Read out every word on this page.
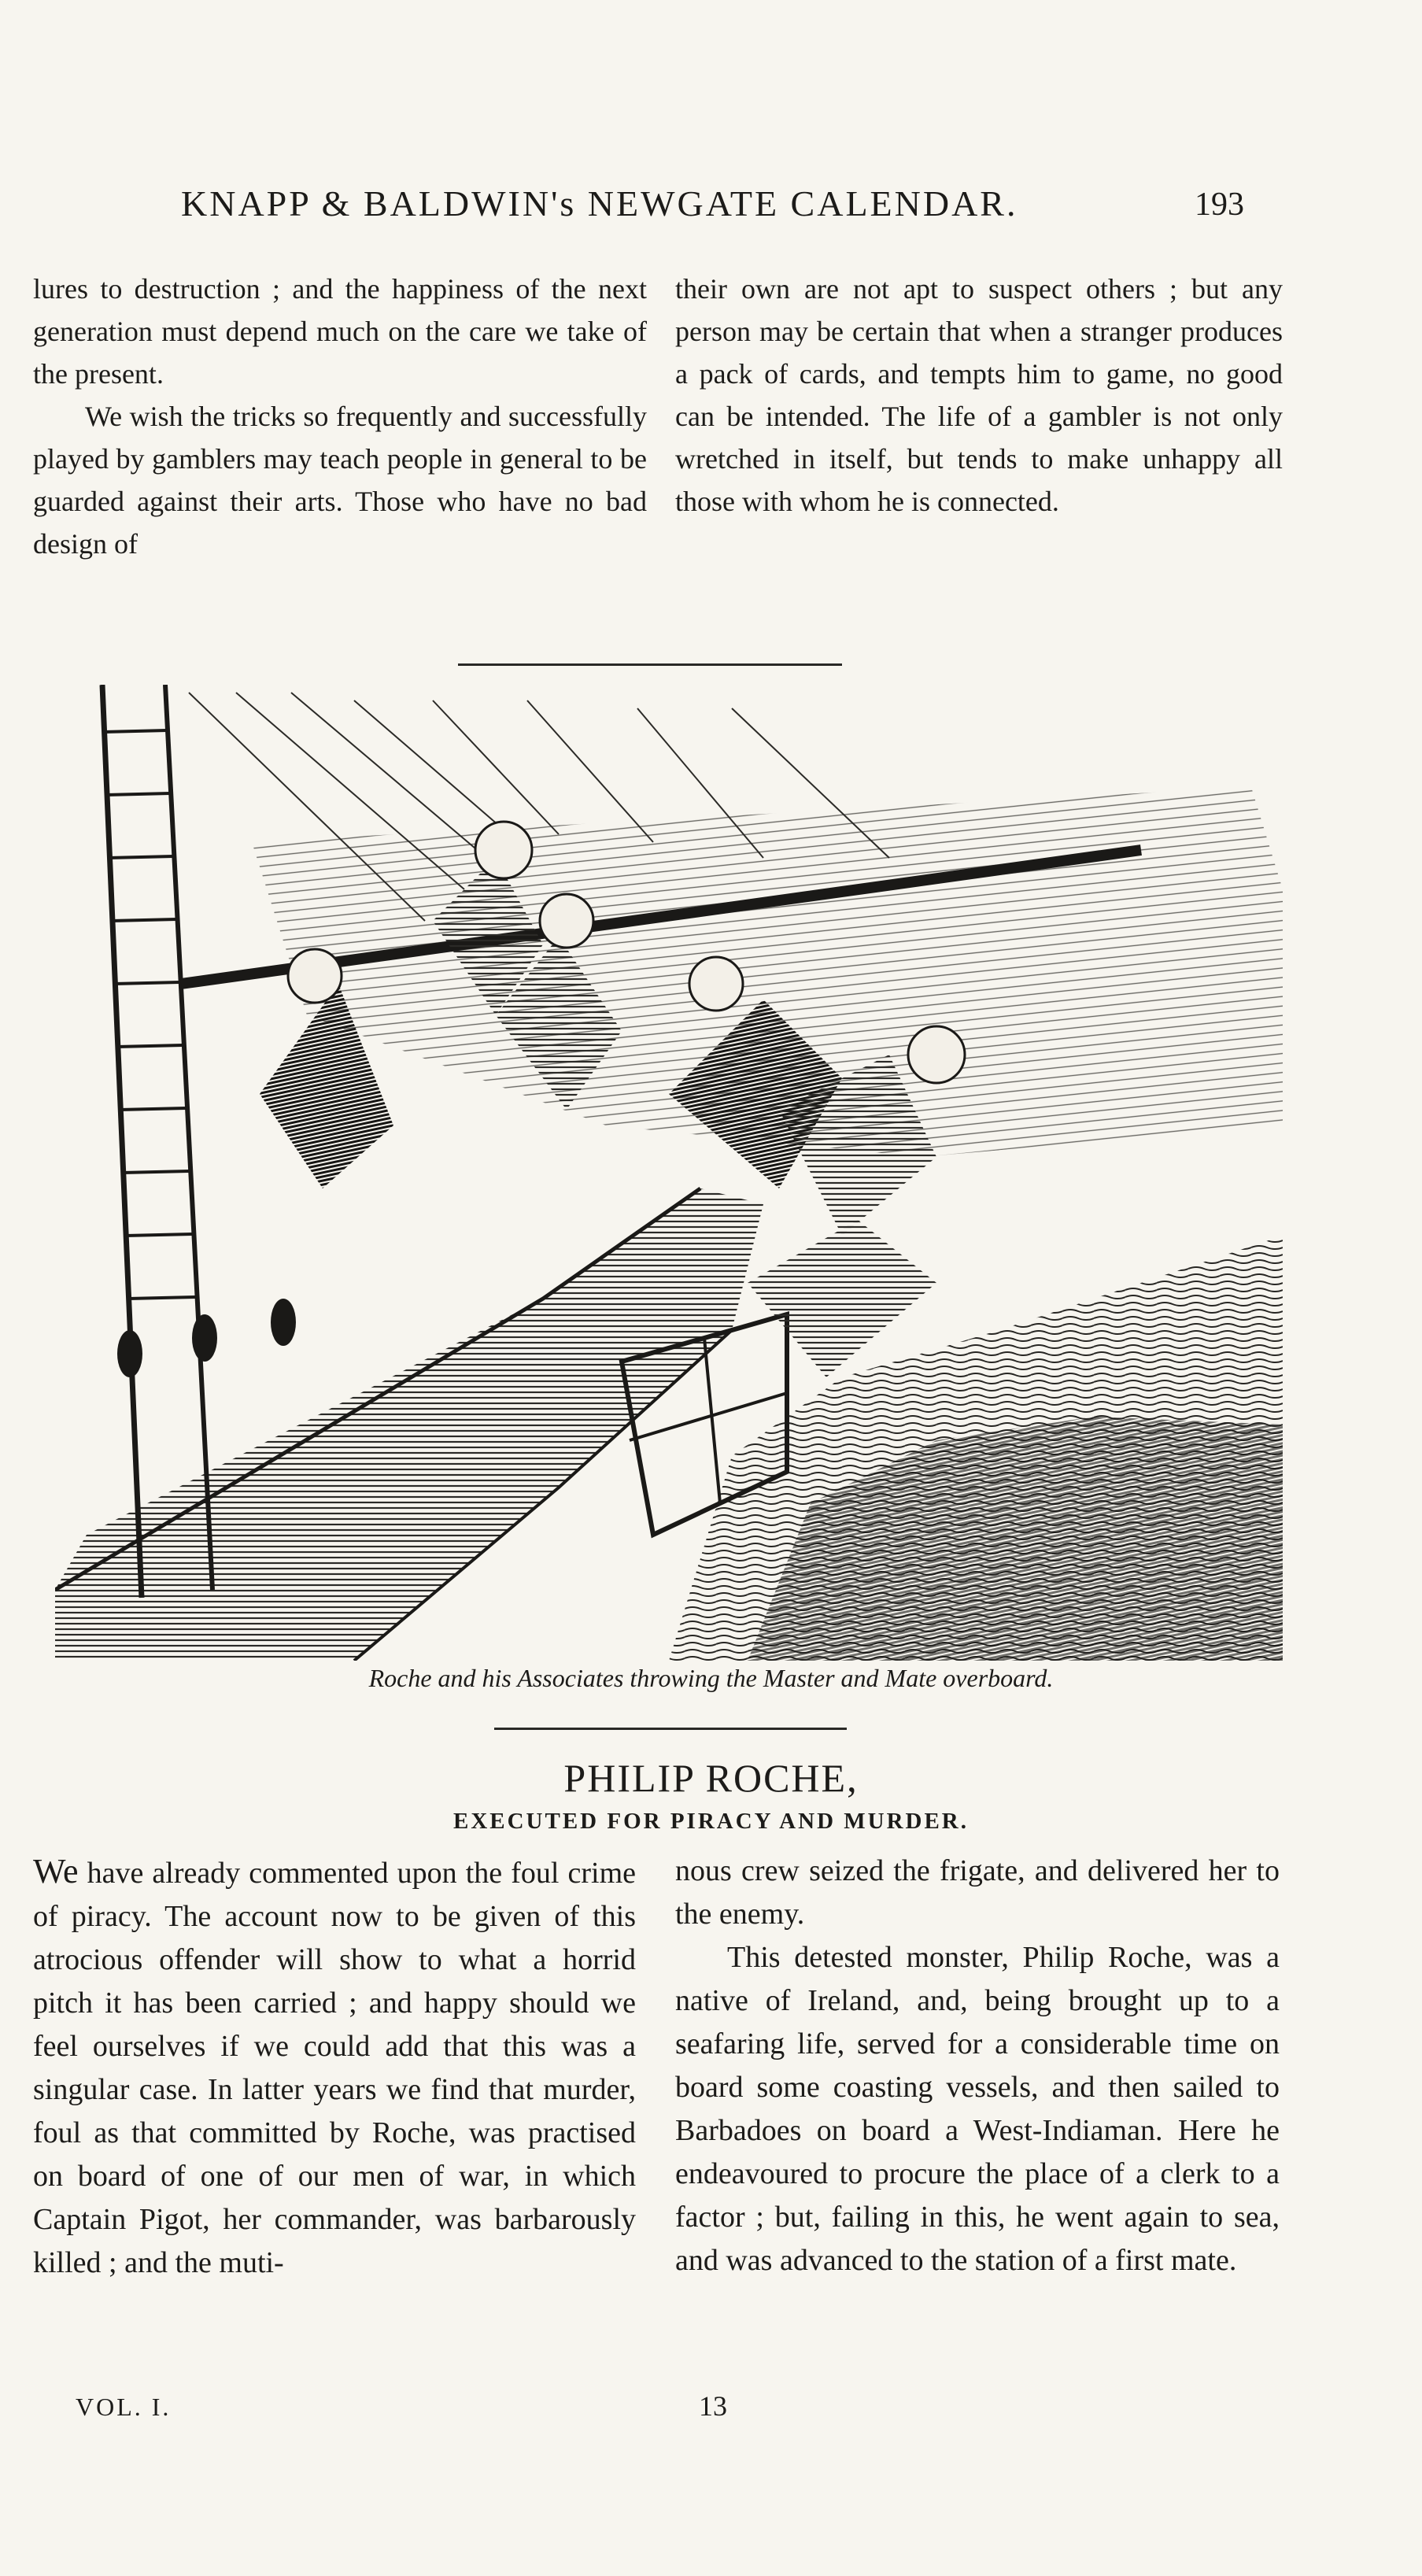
KNAPP & BALDWIN's NEWGATE CALENDAR.	193

lures to destruction ; and the happiness of the next generation must depend much on the care we take of the present.

We wish the tricks so frequently and successfully played by gamblers may teach people in general to be guarded against their arts. Those who have no bad design of

their own are not apt to suspect others ; but any person may be certain that when a stranger produces a pack of cards, and tempts him to game, no good can be intended. The life of a gambler is not only wretched in itself, but tends to make unhappy all those with whom he is connected.

Roche and his Associates throwing the Master and Mate overboard.
PHILIP ROCHE,
EXECUTED FOR PIRACY AND MURDER.

We have already commented upon the foul crime of piracy. The account now to be given of this atrocious offender will show to what a horrid pitch it has been carried ; and happy should we feel ourselves if we could add that this was a singular case. In latter years we find that murder, foul as that committed by Roche, was practised on board of one of our men of war, in which Captain Pigot, her commander, was barbarously killed ; and the muti-

nous crew seized the frigate, and delivered her to the enemy.

This detested monster, Philip Roche, was a native of Ireland, and, being brought up to a seafaring life, served for a considerable time on board some coasting vessels, and then sailed to Barbadoes on board a West-Indiaman. Here he endeavoured to procure the place of a clerk to a factor ; but, failing in this, he went again to sea, and was advanced to the station of a first mate.

VOL. I.	13
